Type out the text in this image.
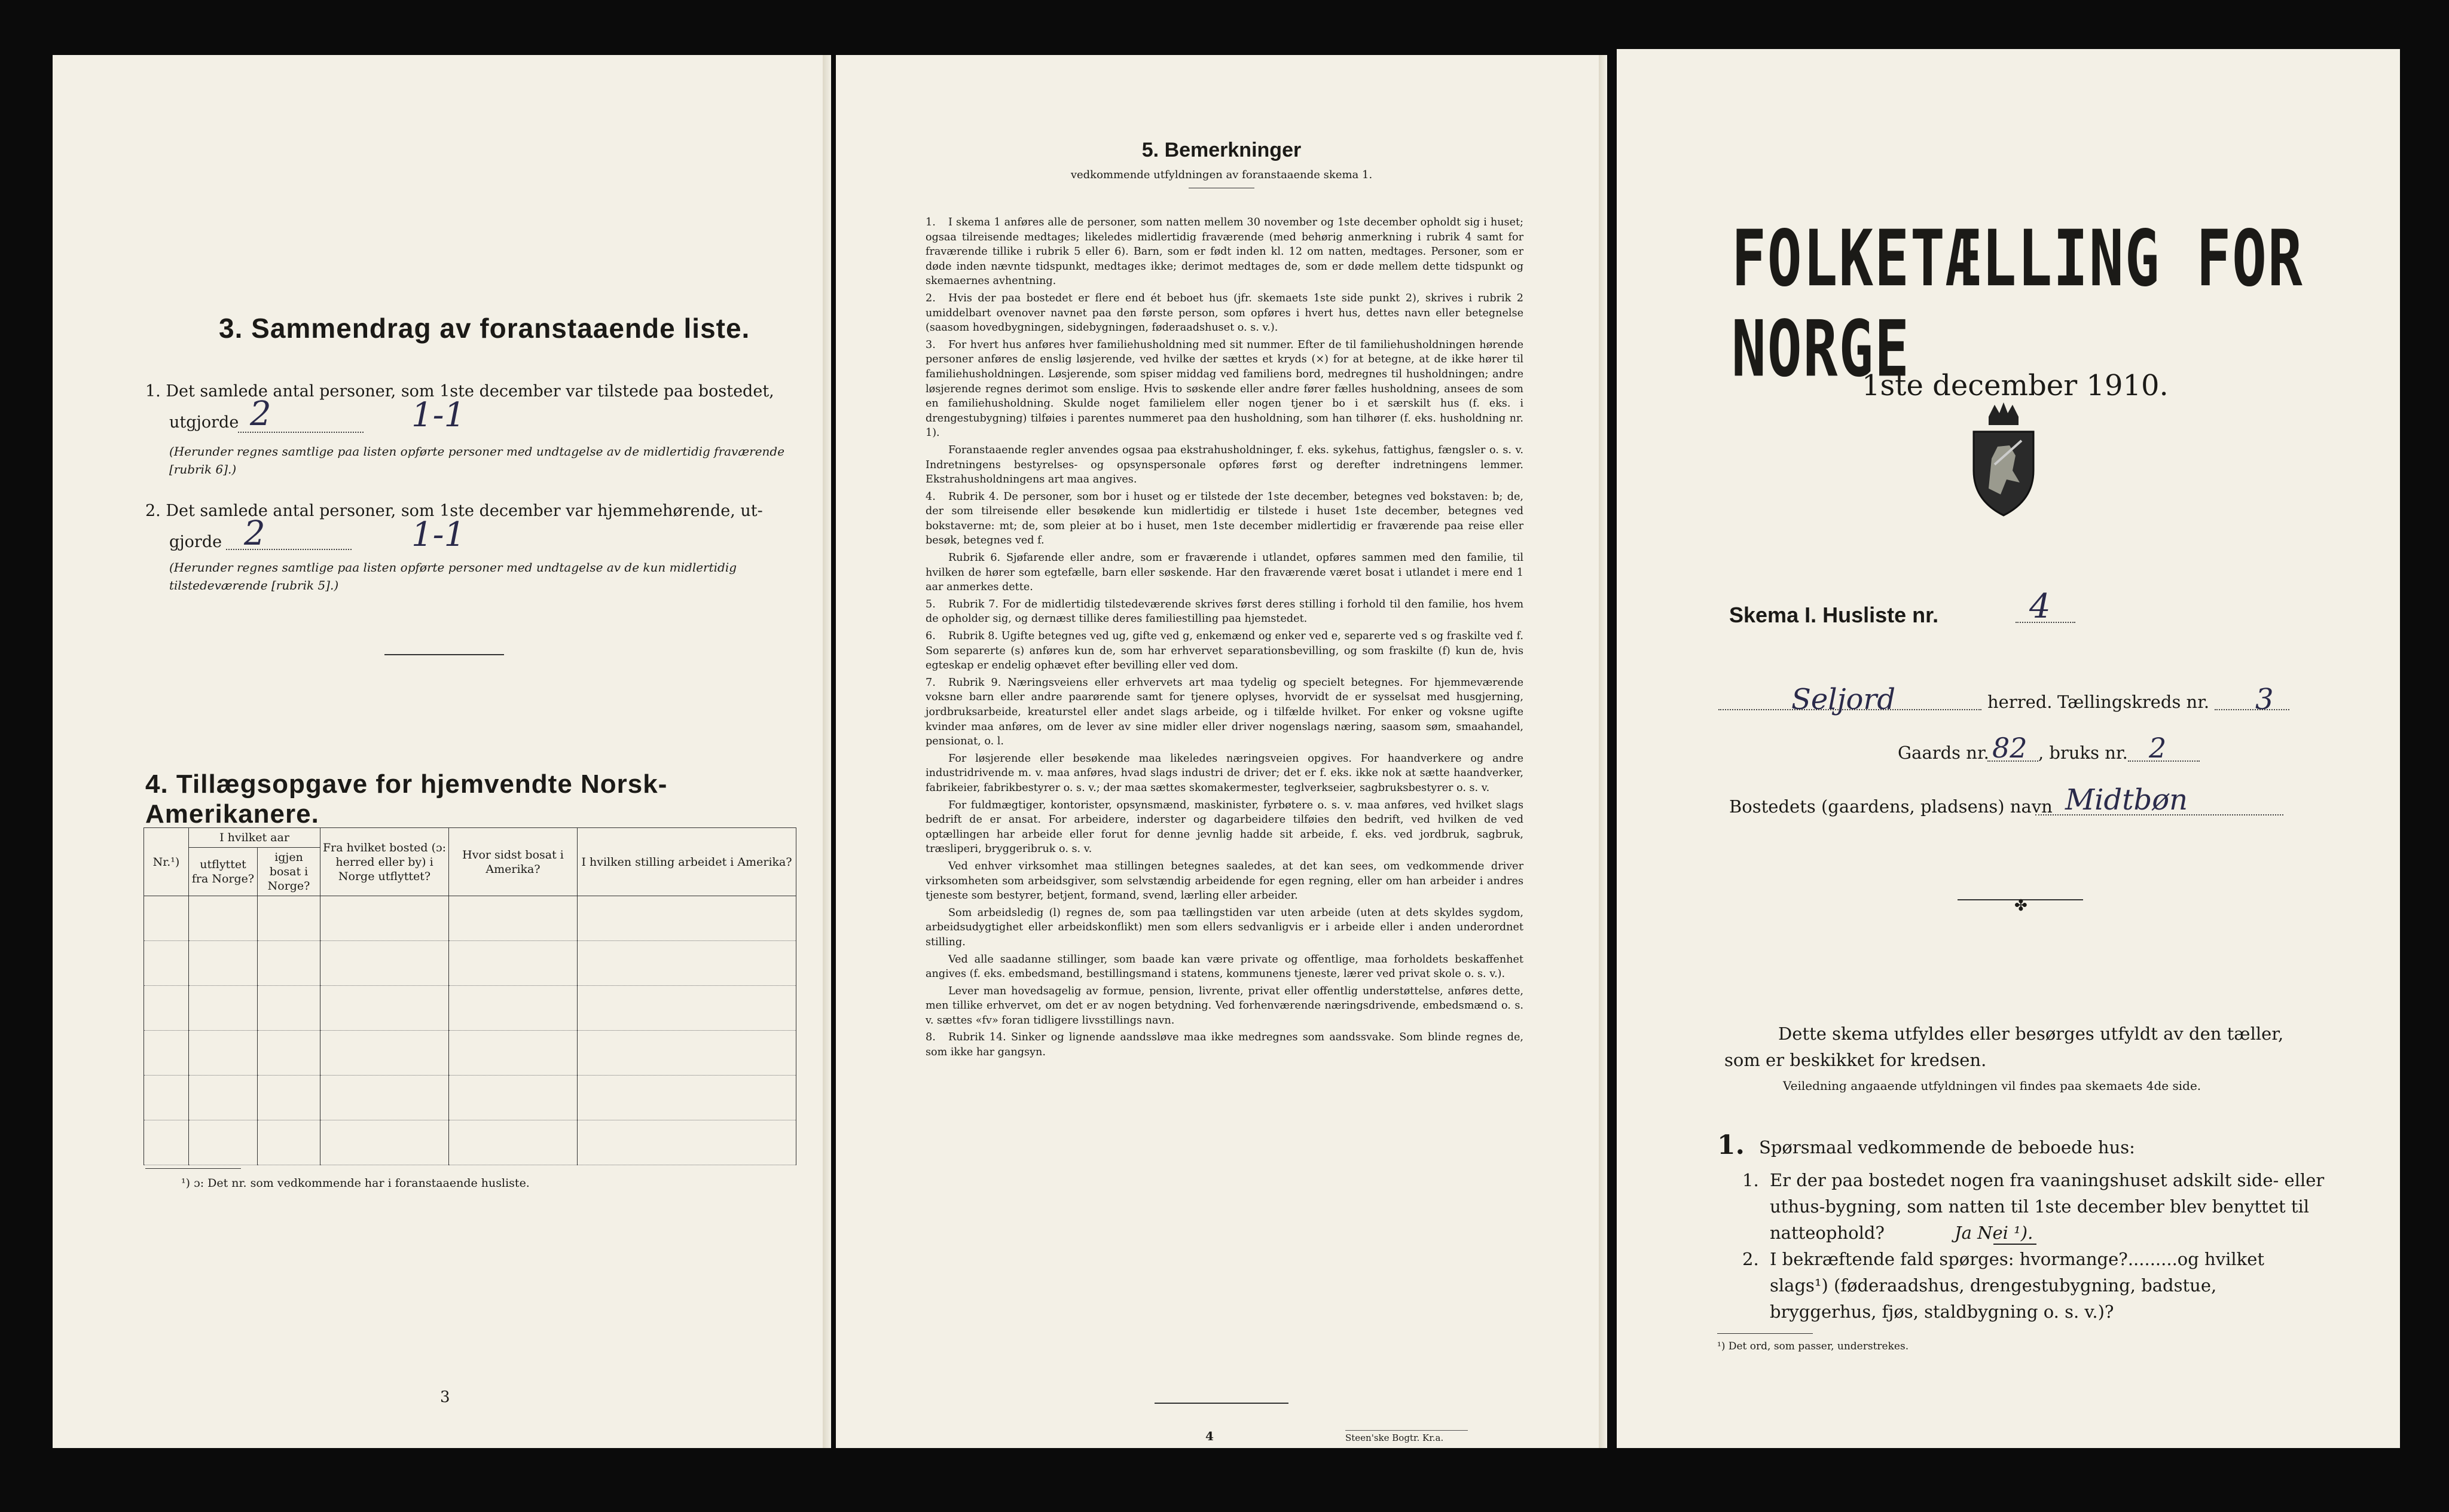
3. Sammendrag av foranstaaende liste.
1. Det samlede antal personer, som 1ste december var tilstede paa bostedet,
utgjorde 2	1-1
(Herunder regnes samtlige paa listen opførte personer med undtagelse av de midlertidig fraværende [rubrik 6].)
2. Det samlede antal personer, som 1ste december var hjemmehørende, ut-
gjorde 2	1-1
(Herunder regnes samtlige paa listen opførte personer med undtagelse av de kun midlertidig tilstedeværende [rubrik 5].)
4. Tillægsopgave for hjemvendte Norsk-Amerikanere.
Nr.¹)	I hvilket aar		Fra hvilket bosted (ɔ: herred eller by) i Norge utflyttet?	Hvor sidst bosat i Amerika?	I hvilken stilling arbeidet i Amerika?
	utflyttet fra Norge?	igjen bosat i Norge?			

¹) ɔ: Det nr. som vedkommende har i foranstaaende husliste.
3
5. Bemerkninger
vedkommende utfyldningen av foranstaaende skema 1.

1. I skema 1 anføres alle de personer, som natten mellem 30 november og 1ste december opholdt sig i huset; ogsaa tilreisende medtages; likeledes midlertidig fraværende (med behørig anmerkning i rubrik 4 samt for fraværende tillike i rubrik 5 eller 6). Barn, som er født inden kl. 12 om natten, medtages. Personer, som er døde inden nævnte tidspunkt, medtages ikke; derimot medtages de, som er døde mellem dette tidspunkt og skemaernes avhentning.

2. Hvis der paa bostedet er flere end ét beboet hus (jfr. skemaets 1ste side punkt 2), skrives i rubrik 2 umiddelbart ovenover navnet paa den første person, som opføres i hvert hus, dettes navn eller betegnelse (saasom hovedbygningen, sidebygningen, føderaadshuset o. s. v.).

3. For hvert hus anføres hver familiehusholdning med sit nummer. Efter de til familiehusholdningen hørende personer anføres de enslig løsjerende, ved hvilke der sættes et kryds (×) for at betegne, at de ikke hører til familiehusholdningen. Løsjerende, som spiser middag ved familiens bord, medregnes til husholdningen; andre løsjerende regnes derimot som enslige. Hvis to søskende eller andre fører fælles husholdning, ansees de som en familiehusholdning. Skulde noget familielem eller nogen tjener bo i et særskilt hus (f. eks. i drengestubygning) tilføies i parentes nummeret paa den husholdning, som han tilhører (f. eks. husholdning nr. 1).

Foranstaaende regler anvendes ogsaa paa ekstrahusholdninger, f. eks. sykehus, fattighus, fængsler o. s. v. Indretningens bestyrelses- og opsynspersonale opføres først og derefter indretningens lemmer. Ekstrahusholdningens art maa angives.

4. Rubrik 4. De personer, som bor i huset og er tilstede der 1ste december, betegnes ved bokstaven: b; de, der som tilreisende eller besøkende kun midlertidig er tilstede i huset 1ste december, betegnes ved bokstaverne: mt; de, som pleier at bo i huset, men 1ste december midlertidig er fraværende paa reise eller besøk, betegnes ved f.

Rubrik 6. Sjøfarende eller andre, som er fraværende i utlandet, opføres sammen med den familie, til hvilken de hører som egtefælle, barn eller søskende. Har den fraværende været bosat i utlandet i mere end 1 aar anmerkes dette.

5. Rubrik 7. For de midlertidig tilstedeværende skrives først deres stilling i forhold til den familie, hos hvem de opholder sig, og dernæst tillike deres familiestilling paa hjemstedet.

6. Rubrik 8. Ugifte betegnes ved ug, gifte ved g, enkemænd og enker ved e, separerte ved s og fraskilte ved f. Som separerte (s) anføres kun de, som har erhvervet separationsbevilling, og som fraskilte (f) kun de, hvis egteskap er endelig ophævet efter bevilling eller ved dom.

7. Rubrik 9. Næringsveiens eller erhvervets art maa tydelig og specielt betegnes. For hjemmeværende voksne barn eller andre paarørende samt for tjenere oplyses, hvorvidt de er sysselsat med husgjerning, jordbruksarbeide, kreaturstel eller andet slags arbeide, og i tilfælde hvilket. For enker og voksne ugifte kvinder maa anføres, om de lever av sine midler eller driver nogenslags næring, saasom søm, smaahandel, pensionat, o. l.

For løsjerende eller besøkende maa likeledes næringsveien opgives. For haandverkere og andre industridrivende m. v. maa anføres, hvad slags industri de driver; det er f. eks. ikke nok at sætte haandverker, fabrikeier, fabrikbestyrer o. s. v.; der maa sættes skomakermester, teglverkseier, sagbruksbestyrer o. s. v.

For fuldmægtiger, kontorister, opsynsmænd, maskinister, fyrbøtere o. s. v. maa anføres, ved hvilket slags bedrift de er ansat. For arbeidere, inderster og dagarbeidere tilføies den bedrift, ved hvilken de ved optællingen har arbeide eller forut for denne jevnlig hadde sit arbeide, f. eks. ved jordbruk, sagbruk, træsliperi, bryggeribruk o. s. v.

Ved enhver virksomhet maa stillingen betegnes saaledes, at det kan sees, om vedkommende driver virksomheten som arbeidsgiver, som selvstændig arbeidende for egen regning, eller om han arbeider i andres tjeneste som bestyrer, betjent, formand, svend, lærling eller arbeider.

Som arbeidsledig (l) regnes de, som paa tællingstiden var uten arbeide (uten at dets skyldes sygdom, arbeidsudygtighet eller arbeidskonflikt) men som ellers sedvanligvis er i arbeide eller i anden underordnet stilling.

Ved alle saadanne stillinger, som baade kan være private og offentlige, maa forholdets beskaffenhet angives (f. eks. embedsmand, bestillingsmand i statens, kommunens tjeneste, lærer ved privat skole o. s. v.).

Lever man hovedsagelig av formue, pension, livrente, privat eller offentlig understøttelse, anføres dette, men tillike erhvervet, om det er av nogen betydning. Ved forhenværende næringsdrivende, embedsmænd o. s. v. sættes «fv» foran tidligere livsstillings navn.

8. Rubrik 14. Sinker og lignende aandssløve maa ikke medregnes som aandssvake. Som blinde regnes de, som ikke har gangsyn.

4	Steen'ske Bogtr. Kr.a.
FOLKETÆLLING FOR NORGE
1ste december 1910.
Skema I. Husliste nr.	4
Seljord	herred. Tællingskreds nr. 3
Gaards nr. 82 , bruks nr. 2
Bostedets (gaardens, pladsens) navn Midtbøn
✤
Dette skema utfyldes eller besørges utfyldt av den tæller, som er beskikket for kredsen.
Veiledning angaaende utfyldningen vil findes paa skemaets 4de side.
1. Spørsmaal vedkommende de beboede hus:
1. Er der paa bostedet nogen fra vaaningshuset adskilt side- eller uthus-bygning, som natten til 1ste december blev benyttet til natteophold?	Ja Nei ¹).
2. I bekræftende fald spørges: hvormange?.........og hvilket slags¹) (føderaadshus, drengestubygning, badstue, bryggerhus, fjøs, staldbygning o. s. v.)?
¹) Det ord, som passer, understrekes.
